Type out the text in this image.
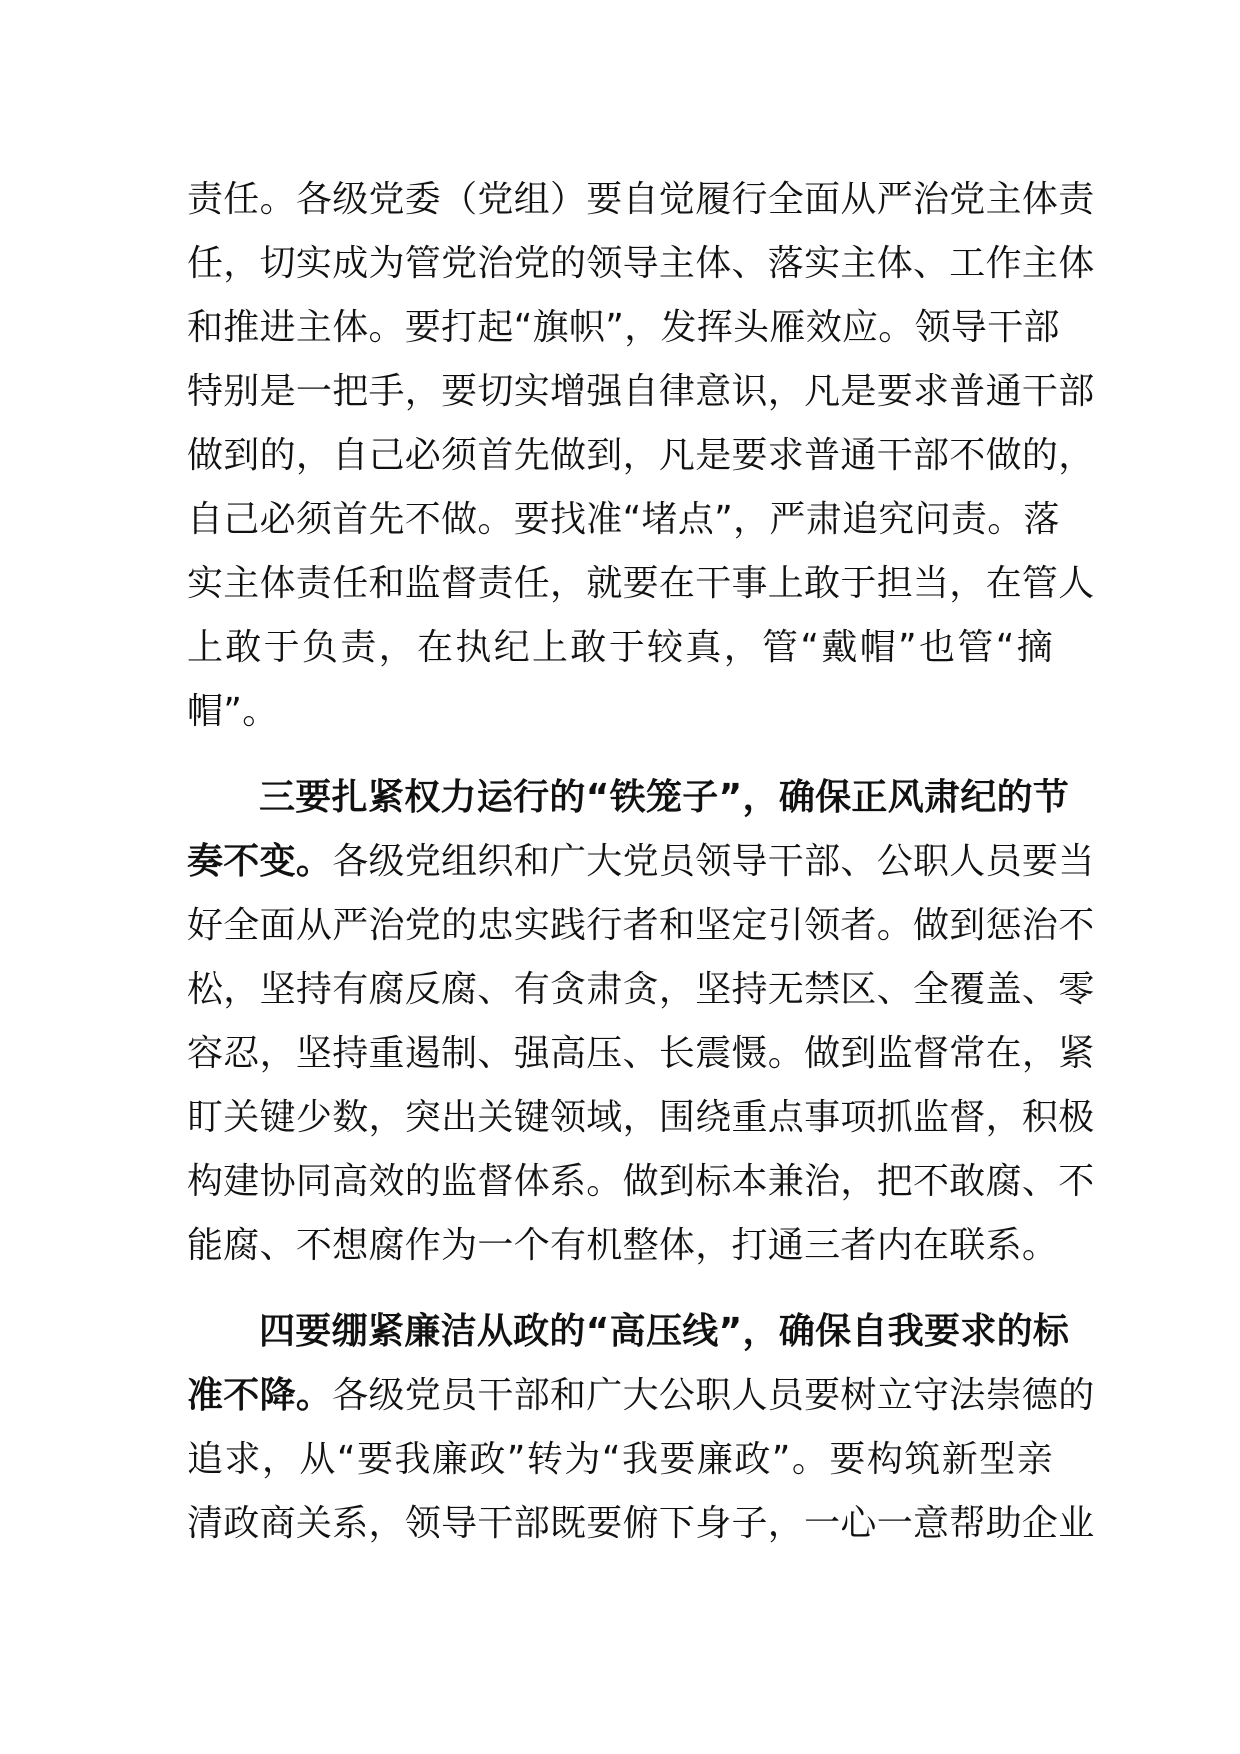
责任。各级党委（党组）要自觉履行全面从严治党主体责
任，切实成为管党治党的领导主体、落实主体、工作主体
和推进主体。要打起“旗帜”，发挥头雁效应。领导干部
特别是一把手，要切实增强自律意识，凡是要求普通干部
做到的，自己必须首先做到，凡是要求普通干部不做的，
自己必须首先不做。要找准“堵点”，严肃追究问责。落
实主体责任和监督责任，就要在干事上敢于担当，在管人
上敢于负责，在执纪上敢于较真，管“戴帽”也管“摘
帽”。
三要扎紧权力运行的“铁笼子”，确保正风肃纪的节
奏不变。各级党组织和广大党员领导干部、公职人员要当
好全面从严治党的忠实践行者和坚定引领者。做到惩治不
松，坚持有腐反腐、有贪肃贪，坚持无禁区、全覆盖、零
容忍，坚持重遏制、强高压、长震慑。做到监督常在，紧
盯关键少数，突出关键领域，围绕重点事项抓监督，积极
构建协同高效的监督体系。做到标本兼治，把不敢腐、不
能腐、不想腐作为一个有机整体，打通三者内在联系。
四要绷紧廉洁从政的“高压线”，确保自我要求的标
准不降。各级党员干部和广大公职人员要树立守法崇德的
追求，从“要我廉政”转为“我要廉政”。要构筑新型亲
清政商关系，领导干部既要俯下身子，一心一意帮助企业
